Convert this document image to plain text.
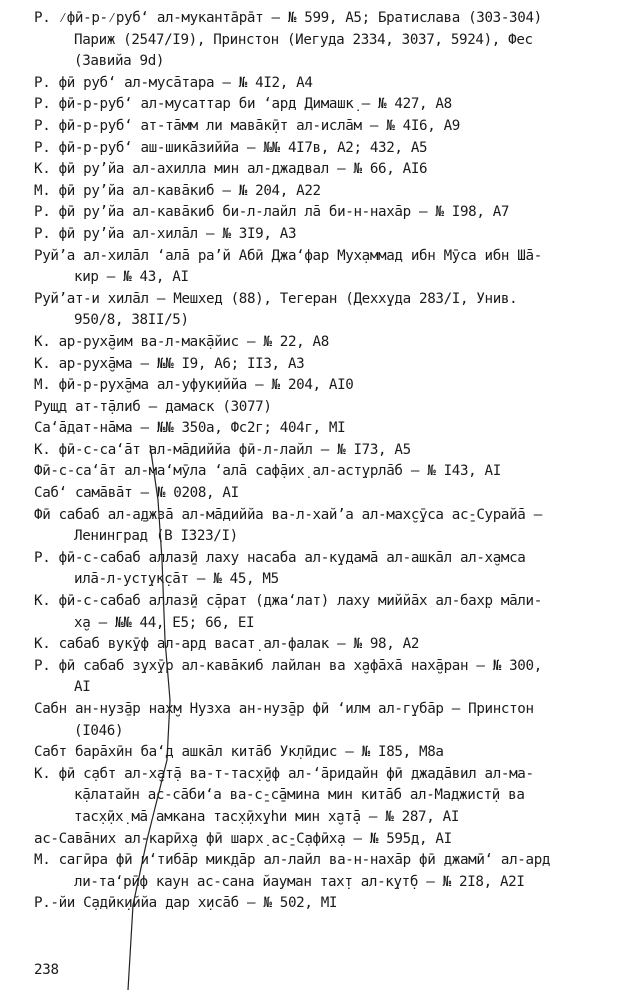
Р. ⁄фӣ-р-⁄руб‘ ал-муканта̄ра̄т – № 599, А5; Братислава (303-304)
Париж (2547/I9), Принстон (Иегуда 2334, 3037, 5924), Фес
(Завийа 9d)
Р. фӣ руб‘ ал-мусāтара – № 4I2, А4
Р. фӣ-р-руб‘ ал-мусаттар би ‘ард Димашк̣ – № 427, А8
Р. фӣ-р-руб‘ ат-тāмм ли мавāк̣ӣт ал-ислāм – № 4I6, А9
Р. фӣ-р-руб‘ аш-шикāзиййа – №№ 4I7в, А2; 432, А5
К. фӣ ру’йа ал-ахилла мин ал-джадвал – № 66, АI6
М. фӣ ру’йа ал-кавāкиб – № 204, А22
Р. фӣ ру’йа ал-кавāкиб би-л-лайл лā би-н-нахāр – № I98, А7
Р. фӣ ру’йа ал-хилāл – № 3I9, А3
Руй’а ал-хилāл ‘алā ра’й Абӣ Джа‘фар Мух̣аммад ибн Мӯса ибн Шā-
кир – № 43, АI
Руй’ат-и хилāл – Мешхед (88), Тегеран (Дехх̣уда 283/I, Унив.
950/8, 38II/5)
К. ар-рух̮āим ва-л-мак̣āйис – № 22, А8
К. ар-рух̮āма – №№ I9, А6; II3, А3
М. фӣ-р-рух̮āма ал-уфук̣иййа – № 204, АI0
Рущд ат-т̣āлиб – дамаск (3077)
Са‘āдат-нāма – №№ 350а, Фс2г; 404г, МI
К. фӣ-с-са‘āт ал-мāдиййа фӣ-л-лайл – № I73, А5
Фӣ-с-са‘āт ал-ма‘мӯла ‘алā саф̣āих̣ ал-аст̣урлāб – № I43, АI
Саб‘ самāвāт – № 0208, АI
Фӣ сабаб ал-а̱джзā ал-мāдиййа ва-л-хай’а ал-мах̮с̣ӯса ас̱-Сурайā –
Ленинград (В I323/I)
Р. фӣ-с-сабаб аллаз̱ӣ лаху насаба ал-к̣удамā ал-ашкāл ал-х̮амса
илā-л-уст̣ук̣сāт – № 45, М5
К. фӣ-с-сабаб аллаз̱ӣ с̣āрат (джа‘лат) лаху миййāх ал-бах̣р мāли-
х̮а – №№ 44, Е5; 66, ЕI
К. сабаб вук̣ӯф ал-ард васат̣ ал-фалак – № 98, А2
Р. фӣ сабаб з̣ух̣ӯр ал-кавāкиб лайлан ва х̮афāхā нах̮āран – № 300,
АI
Сабн ан-нуз̱āр нах̮м Нузха ан-нуз̱āр фӣ ‘илм ал-г̣убāр – Принстон
(I046)
Сабт барāхӣн ба‘д ашкāл китāб Ук̣лӣдис – № I85, М8а
К. фӣ с̣абт ал-х̮ат̣ā ва-т-тас̣х̮ӣф ал-‘āридайн фӣ джадāвил ал-ма-
к̣āлатайн ас-сāби‘а ва-с̱-с̱āмина мин китāб ал-Маджист̣ӣ ва
тас̣х̣ӣх̣ мā амкана тас̣х̣ӣх̣уhи мин х̮ат̣ā – № 287, АI
ас-Савāних ал-карӣх̮а фӣ шарх̣ ас̱-С̣афӣх̣а – № 595д, АI
М. сагӣра фӣ и‘тибāр мик̣дāр ал-лайл ва-н-нахāр фӣ джамӣ‘ ал-ард
ли-та‘рӣф каун ас-сана йауман тах̣т ал-к̣ут̣б – № 2I8, А2I
Р.-йи С̣адӣк̣иййа дар х̣исāб – № 502, МI
238
